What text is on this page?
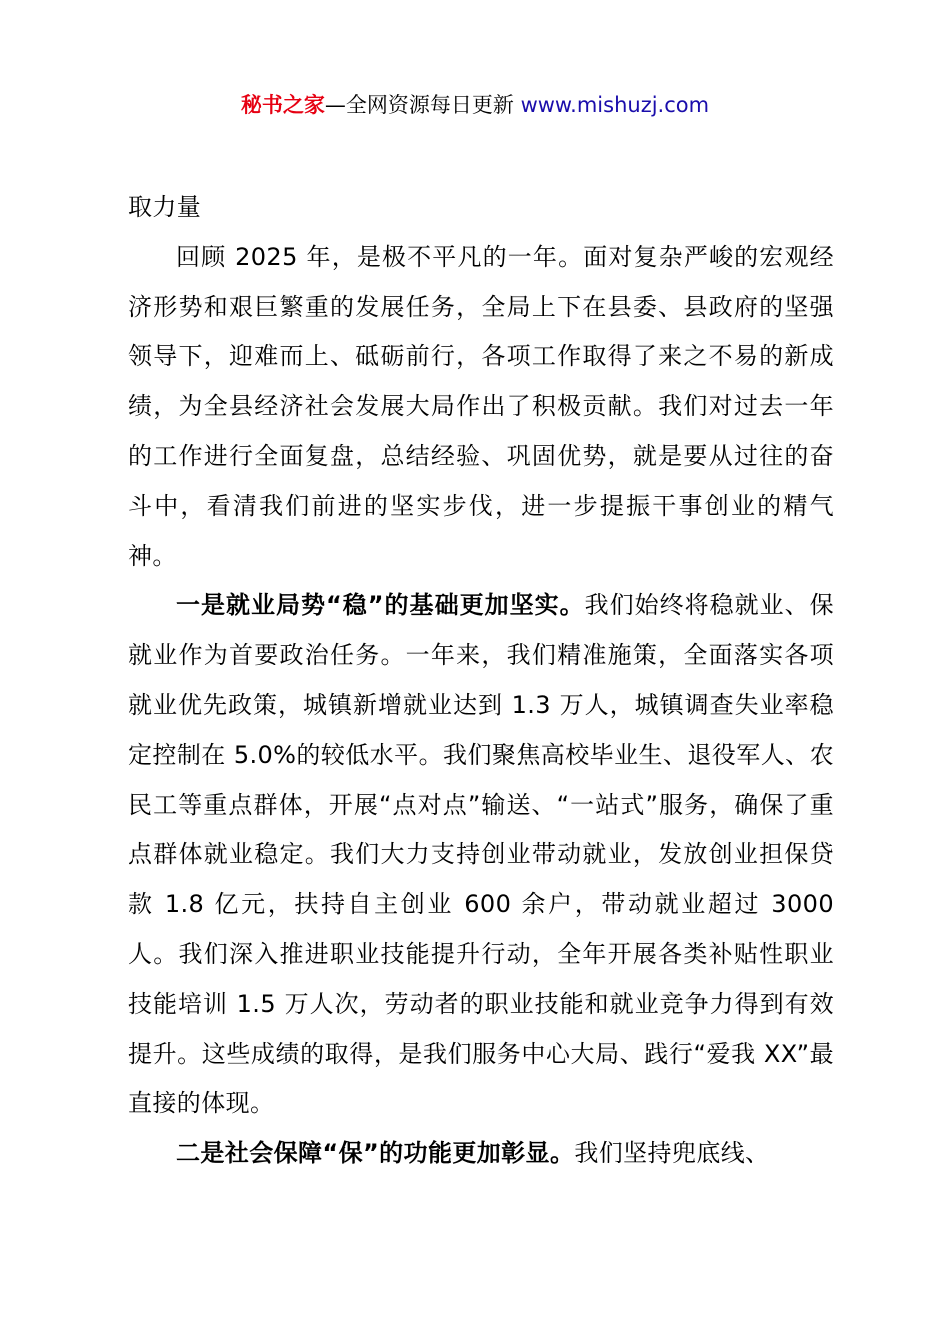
秘书之家—全网资源每日更新 www.mishuzj.com

取力量

回顾 2025 年，是极不平凡的一年。面对复杂严峻的宏观经济形势和艰巨繁重的发展任务，全局上下在县委、县政府的坚强领导下，迎难而上、砥砺前行，各项工作取得了来之不易的新成绩，为全县经济社会发展大局作出了积极贡献。我们对过去一年的工作进行全面复盘，总结经验、巩固优势，就是要从过往的奋斗中，看清我们前进的坚实步伐，进一步提振干事创业的精气神。

一是就业局势“稳”的基础更加坚实。我们始终将稳就业、保就业作为首要政治任务。一年来，我们精准施策，全面落实各项就业优先政策，城镇新增就业达到 1.3 万人，城镇调查失业率稳定控制在 5.0%的较低水平。我们聚焦高校毕业生、退役军人、农民工等重点群体，开展“点对点”输送、“一站式”服务，确保了重点群体就业稳定。我们大力支持创业带动就业，发放创业担保贷款 1.8 亿元，扶持自主创业 600 余户，带动就业超过 3000 人。我们深入推进职业技能提升行动，全年开展各类补贴性职业技能培训 1.5 万人次，劳动者的职业技能和就业竞争力得到有效提升。这些成绩的取得，是我们服务中心大局、践行“爱我 XX”最直接的体现。

二是社会保障“保”的功能更加彰显。我们坚持兜底线、
